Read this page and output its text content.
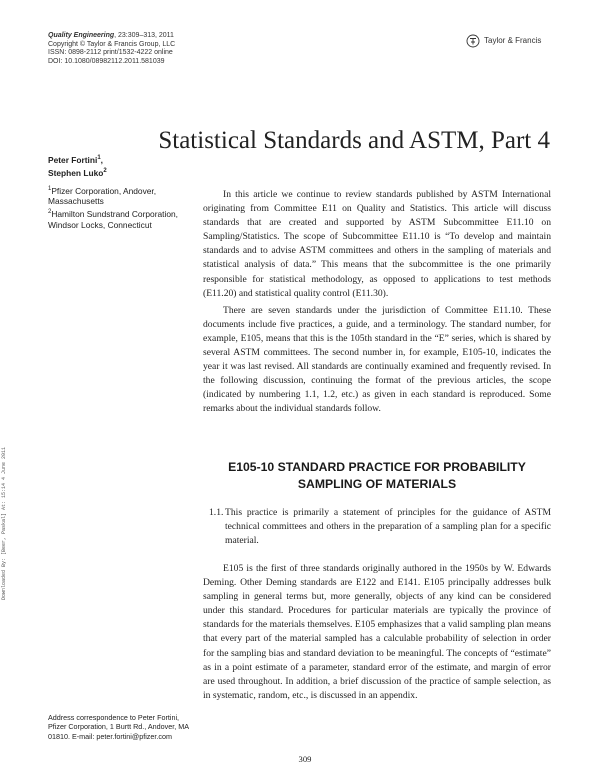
Quality Engineering, 23:309–313, 2011
Copyright © Taylor & Francis Group, LLC
ISSN: 0898-2112 print/1532-4222 online
DOI: 10.1080/08982112.2011.581039
Taylor & Francis
Statistical Standards and ASTM, Part 4
Peter Fortini$^1$,
Stephen Luko$^2$
$^1$Pfizer Corporation, Andover, Massachusetts
$^2$Hamilton Sundstrand Corporation, Windsor Locks, Connecticut
Downloaded By: [Beer, Paskal] At: 15:14 4 June 2011

In this article we continue to review standards published by ASTM International originating from Committee E11 on Quality and Statistics. This article will discuss standards that are created and supported by ASTM Subcommittee E11.10 on Sampling/Statistics. The scope of Subcommittee E11.10 is “To develop and maintain standards and to advise ASTM committees and others in the sampling of materials and statistical analysis of data.” This means that the subcommittee is the one primarily responsible for statistical methodology, as opposed to applications to test methods (E11.20) and statistical quality control (E11.30).

There are seven standards under the jurisdiction of Committee E11.10. These documents include five practices, a guide, and a terminology. The standard number, for example, E105, means that this is the 105th standard in the “E” series, which is shared by several ASTM committees. The second number in, for example, E105-10, indicates the year it was last revised. All standards are continually examined and frequently revised. In the following discussion, continuing the format of the previous articles, the scope (indicated by numbering 1.1, 1.2, etc.) as given in each standard is reproduced. Some remarks about the individual standards follow.

E105-10 STANDARD PRACTICE FOR PROBABILITY
SAMPLING OF MATERIALS
1.1. This practice is primarily a statement of principles for the guidance of ASTM technical committees and others in the preparation of a sampling plan for a specific material.

E105 is the first of three standards originally authored in the 1950s by W. Edwards Deming. Other Deming standards are E122 and E141. E105 principally addresses bulk sampling in general terms but, more generally, objects of any kind can be considered under this standard. Procedures for particular materials are typically the province of standards for the materials themselves. E105 emphasizes that a valid sampling plan means that every part of the material sampled has a calculable probability of selection in order for the sampling bias and standard deviation to be meaningful. The concepts of “estimate” as in a point estimate of a parameter, standard error of the estimate, and margin of error are used throughout. In addition, a brief discussion of the practice of sample selection, as in systematic, random, etc., is discussed in an appendix.

Address correspondence to Peter Fortini, Pfizer Corporation, 1 Burtt Rd., Andover, MA 01810. E-mail: peter.fortini@pfizer.com
309
